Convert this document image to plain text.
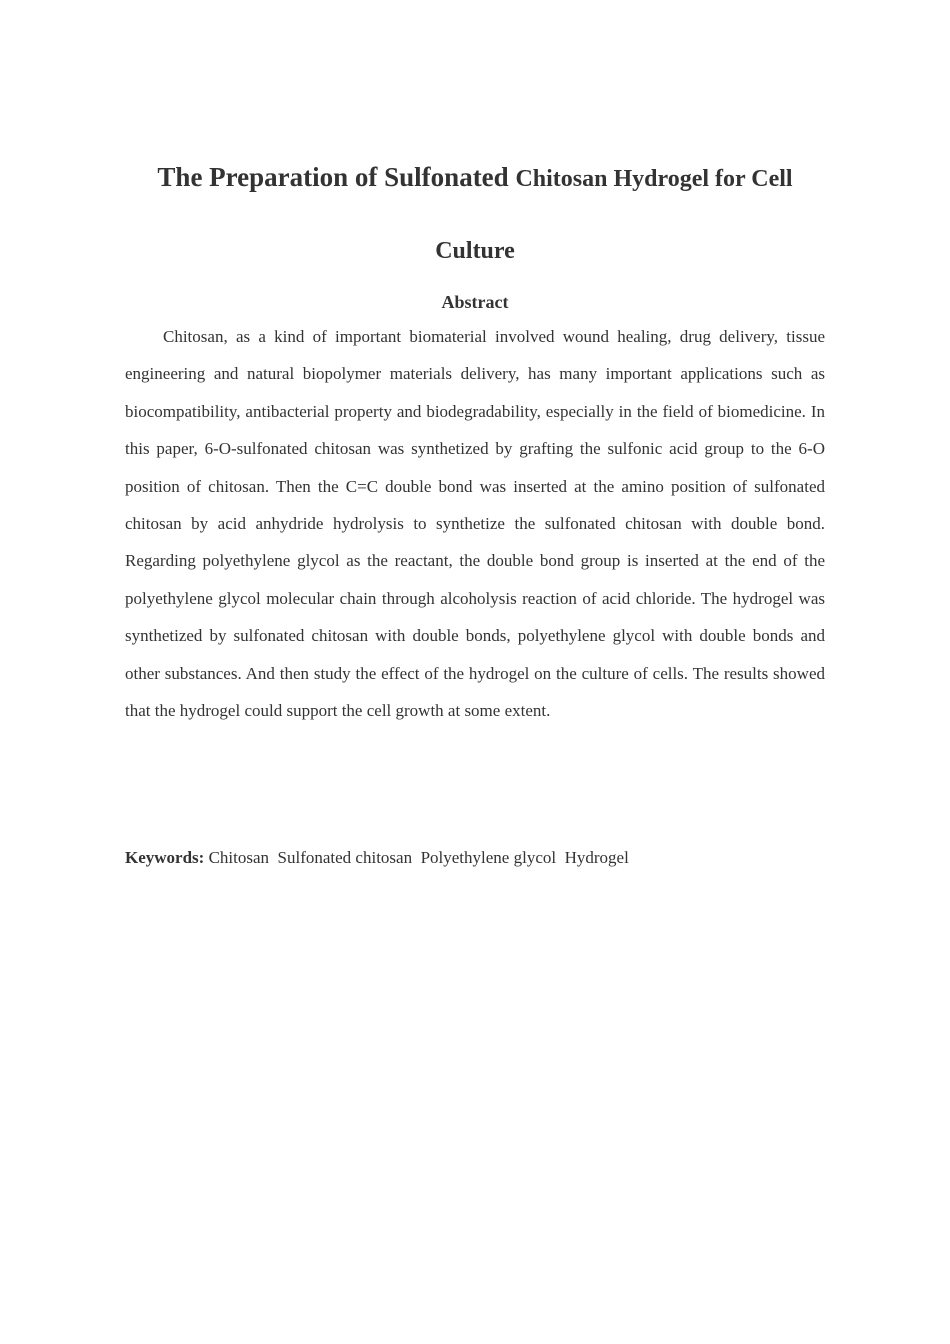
The Preparation of Sulfonated Chitosan Hydrogel for Cell
Culture
Abstract

Chitosan, as a kind of important biomaterial involved wound healing, drug delivery, tissue engineering and natural biopolymer materials delivery, has many important applications such as biocompatibility, antibacterial property and biodegradability, especially in the field of biomedicine. In this paper, 6-O-sulfonated chitosan was synthetized by grafting the sulfonic acid group to the 6-O position of chitosan. Then the C=C double bond was inserted at the amino position of sulfonated chitosan by acid anhydride hydrolysis to synthetize the sulfonated chitosan with double bond. Regarding polyethylene glycol as the reactant, the double bond group is inserted at the end of the polyethylene glycol molecular chain through alcoholysis reaction of acid chloride. The hydrogel was synthetized by sulfonated chitosan with double bonds, polyethylene glycol with double bonds and other substances. And then study the effect of the hydrogel on the culture of cells. The results showed that the hydrogel could support the cell growth at some extent.

Keywords: Chitosan  Sulfonated chitosan  Polyethylene glycol  Hydrogel
